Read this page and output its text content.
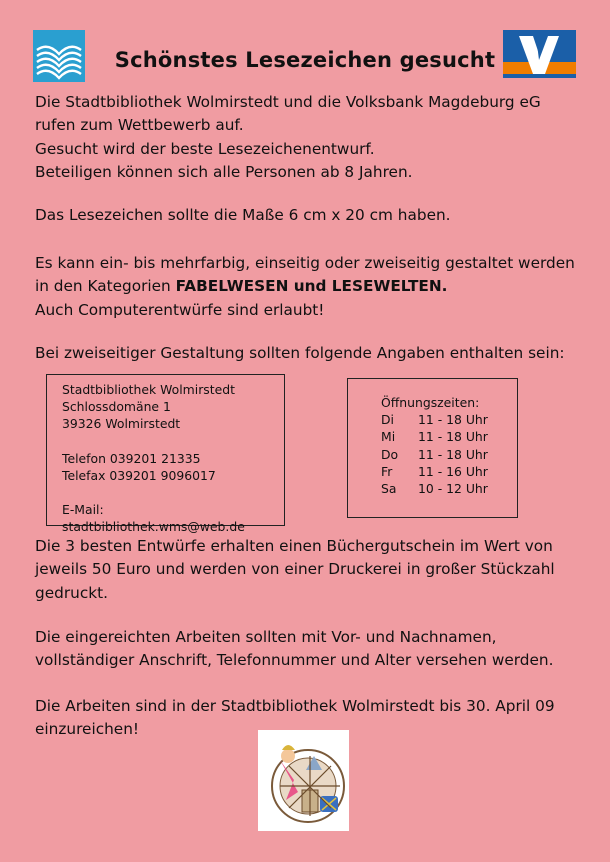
Schönstes Lesezeichen gesucht

Die Stadtbibliothek Wolmirstedt und die Volksbank Magdeburg eG

rufen zum Wettbewerb auf.

Gesucht wird der beste Lesezeichenentwurf.

Beteiligen können sich alle Personen ab 8 Jahren.

Das Lesezeichen sollte die Maße 6 cm x 20 cm haben.

Es kann ein- bis mehrfarbig, einseitig oder zweiseitig gestaltet werden

in den Kategorien FABELWESEN und LESEWELTEN.

Auch Computerentwürfe sind erlaubt!

Bei zweiseitiger Gestaltung sollten folgende Angaben enthalten sein:

Stadtbibliothek Wolmirstedt

Schlossdomäne 1

39326 Wolmirstedt

Telefon 039201 21335

Telefax 039201 9096017

E-Mail: stadtbibliothek.wms@web.de

Öffnungszeiten:

Di	11 - 18 Uhr
Mi	11 - 18 Uhr
Do	11 - 18 Uhr
Fr	11 - 16 Uhr
Sa	10 - 12 Uhr

Die 3 besten Entwürfe erhalten einen Büchergutschein im Wert von

jeweils 50 Euro und werden von einer Druckerei in großer Stückzahl

gedruckt.

Die eingereichten Arbeiten sollten mit Vor- und Nachnamen,

vollständiger Anschrift, Telefonnummer und Alter versehen werden.

Die Arbeiten sind in der Stadtbibliothek Wolmirstedt bis 30. April 09

einzureichen!
